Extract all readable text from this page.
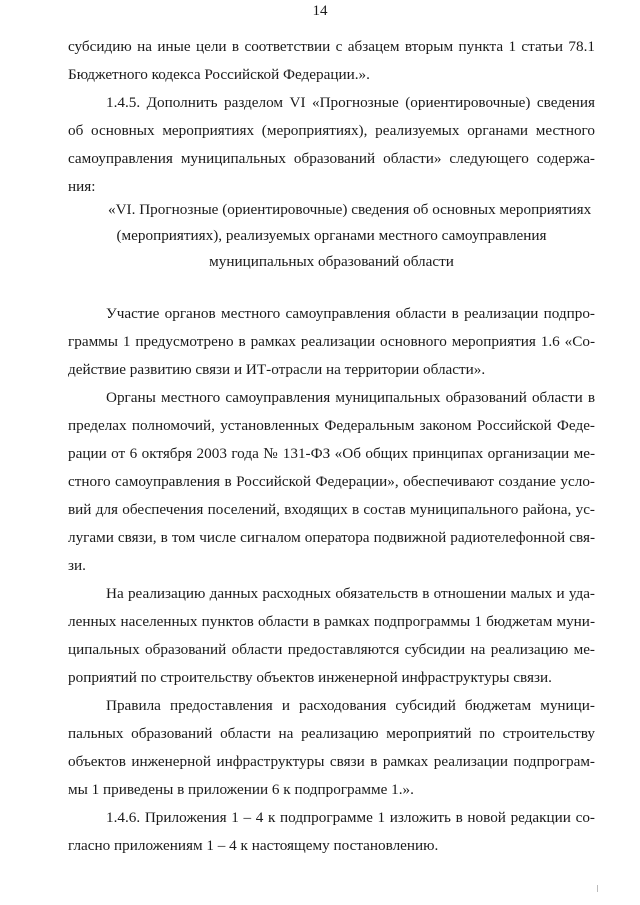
14
субсидию на иные цели в соответствии с абзацем вторым пункта 1 статьи 78.1
Бюджетного кодекса Российской Федерации.».
1.4.5. Дополнить разделом VI «Прогнозные (ориентировочные) сведения
об основных мероприятиях (мероприятиях), реализуемых органами местного
самоуправления муниципальных образований области» следующего содержа-
ния:
«VI. Прогнозные (ориентировочные) сведения об основных мероприятиях
(мероприятиях), реализуемых органами местного самоуправления
муниципальных образований области
Участие органов местного самоуправления области в реализации подпро-
граммы 1 предусмотрено в рамках реализации основного мероприятия 1.6 «Со-
действие развитию связи и ИТ-отрасли на территории области».
Органы местного самоуправления муниципальных образований области в
пределах полномочий, установленных Федеральным законом Российской Феде-
рации от 6 октября 2003 года № 131-ФЗ «Об общих принципах организации ме-
стного самоуправления в Российской Федерации», обеспечивают создание усло-
вий для обеспечения поселений, входящих в состав муниципального района, ус-
лугами связи, в том числе сигналом оператора подвижной радиотелефонной свя-
зи.
На реализацию данных расходных обязательств в отношении малых и уда-
ленных населенных пунктов области в рамках подпрограммы 1 бюджетам муни-
ципальных образований области предоставляются субсидии на реализацию ме-
роприятий по строительству объектов инженерной инфраструктуры связи.
Правила предоставления и расходования субсидий бюджетам муници-
пальных образований области на реализацию мероприятий по строительству
объектов инженерной инфраструктуры связи в рамках реализации подпрограм-
мы 1 приведены в приложении 6 к подпрограмме 1.».
1.4.6. Приложения 1 – 4 к подпрограмме 1 изложить в новой редакции со-
гласно приложениям 1 – 4 к настоящему постановлению.
